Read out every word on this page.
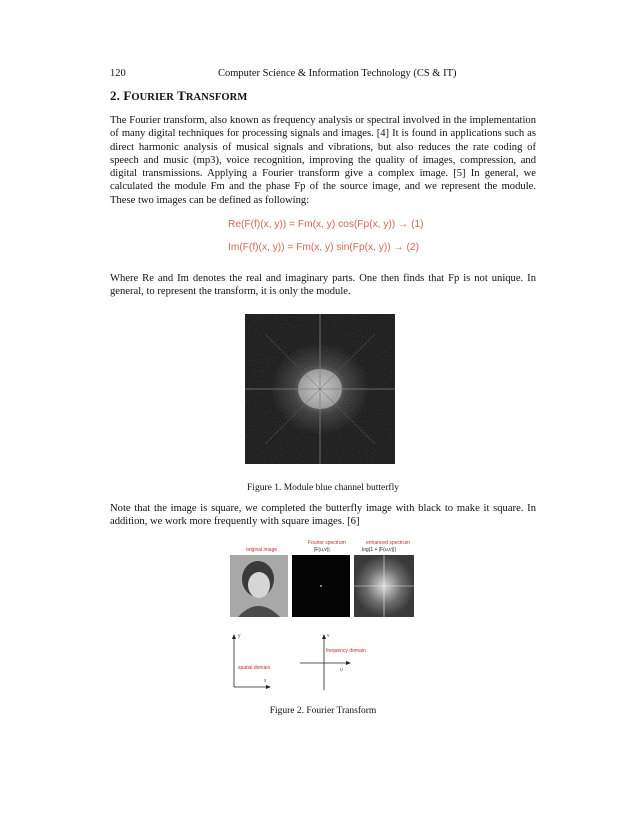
120	Computer Science & Information Technology (CS & IT)
2. FOURIER TRANSFORM

The Fourier transform, also known as frequency analysis or spectral involved in the implementation of many digital techniques for processing signals and images. [4] It is found in applications such as direct harmonic analysis of musical signals and vibrations, but also reduces the rate coding of speech and music (mp3), voice recognition, improving the quality of images, compression, and digital transmissions. Applying a Fourier transform give a complex image. [5] In general, we calculated the module Fm and the phase Fp of the source image, and we represent the module. These two images can be defined as following:

Re(F(f)(x, y)) = Fm(x, y) cos(Fp(x, y)) → (1)
Im(F(f)(x, y)) = Fm(x, y) sin(Fp(x, y)) → (2)

Where Re and Im denotes the real and imaginary parts. One then finds that Fp is not unique. In general, to represent the transform, it is only the module.

Figure 1. Module blue channel butterfly

Note that the image is square, we completed the butterfly image with black to make it square. In addition, we work more frequently with square images. [6]

original image
Fourier spectrum
|F(u,v)|
enhanced spectrum
log(1 + |F(u,v)|)
spatial domain
frequency domain
y
x
v
u
Figure 2. Fourier Transform
